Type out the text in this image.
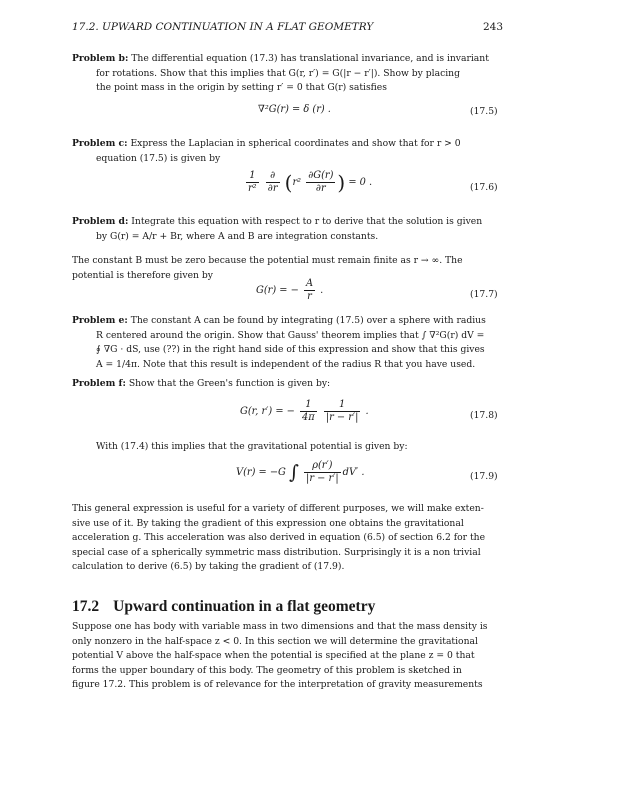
17.2. UPWARD CONTINUATION IN A FLAT GEOMETRY	243
Problem b: The differential equation (17.3) has translational invariance, and is invariant
for rotations. Show that this implies that G(r, r′) = G(|r − r′|). Show by placing
the point mass in the origin by setting r′ = 0 that G(r) satisfies
∇²G(r) = δ (r) .	(17.5)
Problem c: Express the Laplacian in spherical coordinates and show that for r > 0
equation (17.5) is given by
$\frac{1}{\text{r²}}$
$\frac{\partial}{\partial r} (r^2 \frac{\partial G(r)}{\partial r}$ ) = 0 .	(17.6)
Problem d: Integrate this equation with respect to r to derive that the solution is given
by G(r) = A/r + Br, where A and B are integration constants.
The constant B must be zero because the potential must remain finite as r → ∞. The
potential is therefore given by
G(r) = − $\frac{A}{r}$ .	(17.7)
Problem e: The constant A can be found by integrating (17.5) over a sphere with radius
R centered around the origin. Show that Gauss' theorem implies that ∫ ∇²G(r) dV =
∮ ∇G · dS, use (??) in the right hand side of this expression and show that this gives
A = 1/4π. Note that this result is independent of the radius R that you have used.
Problem f: Show that the Green's function is given by:
G(r, r′) = − $\frac{1}{4\pi}$
$\frac{1}{|r - r'|}$ .	(17.8)
With (17.4) this implies that the gravitational potential is given by:
V(r) = −G ∫ $\frac{\rho(r')}{|r - r'|} dV'$ .	(17.9)
This general expression is useful for a variety of different purposes, we will make exten-
sive use of it. By taking the gradient of this expression one obtains the gravitational
acceleration g. This acceleration was also derived in equation (6.5) of section 6.2 for the
special case of a spherically symmetric mass distribution. Surprisingly it is a non trivial
calculation to derive (6.5) by taking the gradient of (17.9).
17.2 Upward continuation in a flat geometry
Suppose one has body with variable mass in two dimensions and that the mass density is
only nonzero in the half-space z < 0. In this section we will determine the gravitational
potential V above the half-space when the potential is specified at the plane z = 0 that
forms the upper boundary of this body. The geometry of this problem is sketched in
figure 17.2. This problem is of relevance for the interpretation of gravity measurements
